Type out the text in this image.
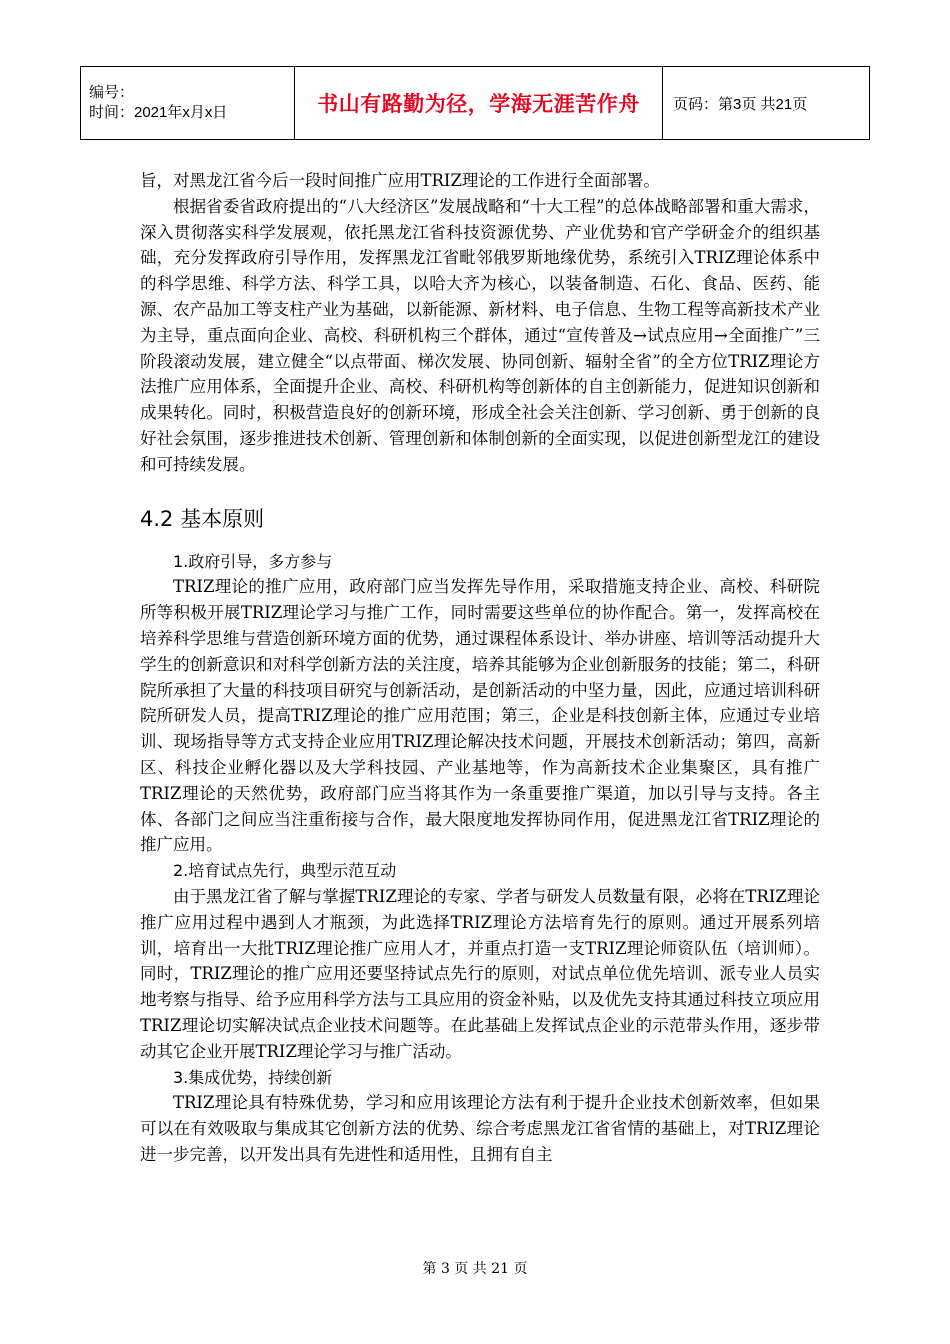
编号：
时间：2021年x月x日	书山有路勤为径，学海无涯苦作舟	页码：第3页 共21页

旨，对黑龙江省今后一段时间推广应用TRIZ理论的工作进行全面部署。

根据省委省政府提出的“八大经济区”发展战略和“十大工程”的总体战略部署和重大需求，深入贯彻落实科学发展观，依托黑龙江省科技资源优势、产业优势和官产学研金介的组织基础，充分发挥政府引导作用，发挥黑龙江省毗邻俄罗斯地缘优势，系统引入TRIZ理论体系中的科学思维、科学方法、科学工具，以哈大齐为核心，以装备制造、石化、食品、医药、能源、农产品加工等支柱产业为基础，以新能源、新材料、电子信息、生物工程等高新技术产业为主导，重点面向企业、高校、科研机构三个群体，通过“宣传普及→试点应用→全面推广”三阶段滚动发展，建立健全“以点带面、梯次发展、协同创新、辐射全省”的全方位TRIZ理论方法推广应用体系，全面提升企业、高校、科研机构等创新体的自主创新能力，促进知识创新和成果转化。同时，积极营造良好的创新环境，形成全社会关注创新、学习创新、勇于创新的良好社会氛围，逐步推进技术创新、管理创新和体制创新的全面实现，以促进创新型龙江的建设和可持续发展。

4.2 基本原则

1.政府引导，多方参与

TRIZ理论的推广应用，政府部门应当发挥先导作用，采取措施支持企业、高校、科研院所等积极开展TRIZ理论学习与推广工作，同时需要这些单位的协作配合。第一，发挥高校在培养科学思维与营造创新环境方面的优势，通过课程体系设计、举办讲座、培训等活动提升大学生的创新意识和对科学创新方法的关注度，培养其能够为企业创新服务的技能；第二，科研院所承担了大量的科技项目研究与创新活动，是创新活动的中坚力量，因此，应通过培训科研院所研发人员，提高TRIZ理论的推广应用范围；第三，企业是科技创新主体，应通过专业培训、现场指导等方式支持企业应用TRIZ理论解决技术问题，开展技术创新活动；第四，高新区、科技企业孵化器以及大学科技园、产业基地等，作为高新技术企业集聚区，具有推广TRIZ理论的天然优势，政府部门应当将其作为一条重要推广渠道，加以引导与支持。各主体、各部门之间应当注重衔接与合作，最大限度地发挥协同作用，促进黑龙江省TRIZ理论的推广应用。

2.培育试点先行，典型示范互动

由于黑龙江省了解与掌握TRIZ理论的专家、学者与研发人员数量有限，必将在TRIZ理论推广应用过程中遇到人才瓶颈，为此选择TRIZ理论方法培育先行的原则。通过开展系列培训，培育出一大批TRIZ理论推广应用人才，并重点打造一支TRIZ理论师资队伍（培训师）。同时，TRIZ理论的推广应用还要坚持试点先行的原则，对试点单位优先培训、派专业人员实地考察与指导、给予应用科学方法与工具应用的资金补贴，以及优先支持其通过科技立项应用TRIZ理论切实解决试点企业技术问题等。在此基础上发挥试点企业的示范带头作用，逐步带动其它企业开展TRIZ理论学习与推广活动。

3.集成优势，持续创新

TRIZ理论具有特殊优势，学习和应用该理论方法有利于提升企业技术创新效率，但如果可以在有效吸取与集成其它创新方法的优势、综合考虑黑龙江省省情的基础上，对TRIZ理论进一步完善，以开发出具有先进性和适用性，且拥有自主

第 3 页 共 21 页
